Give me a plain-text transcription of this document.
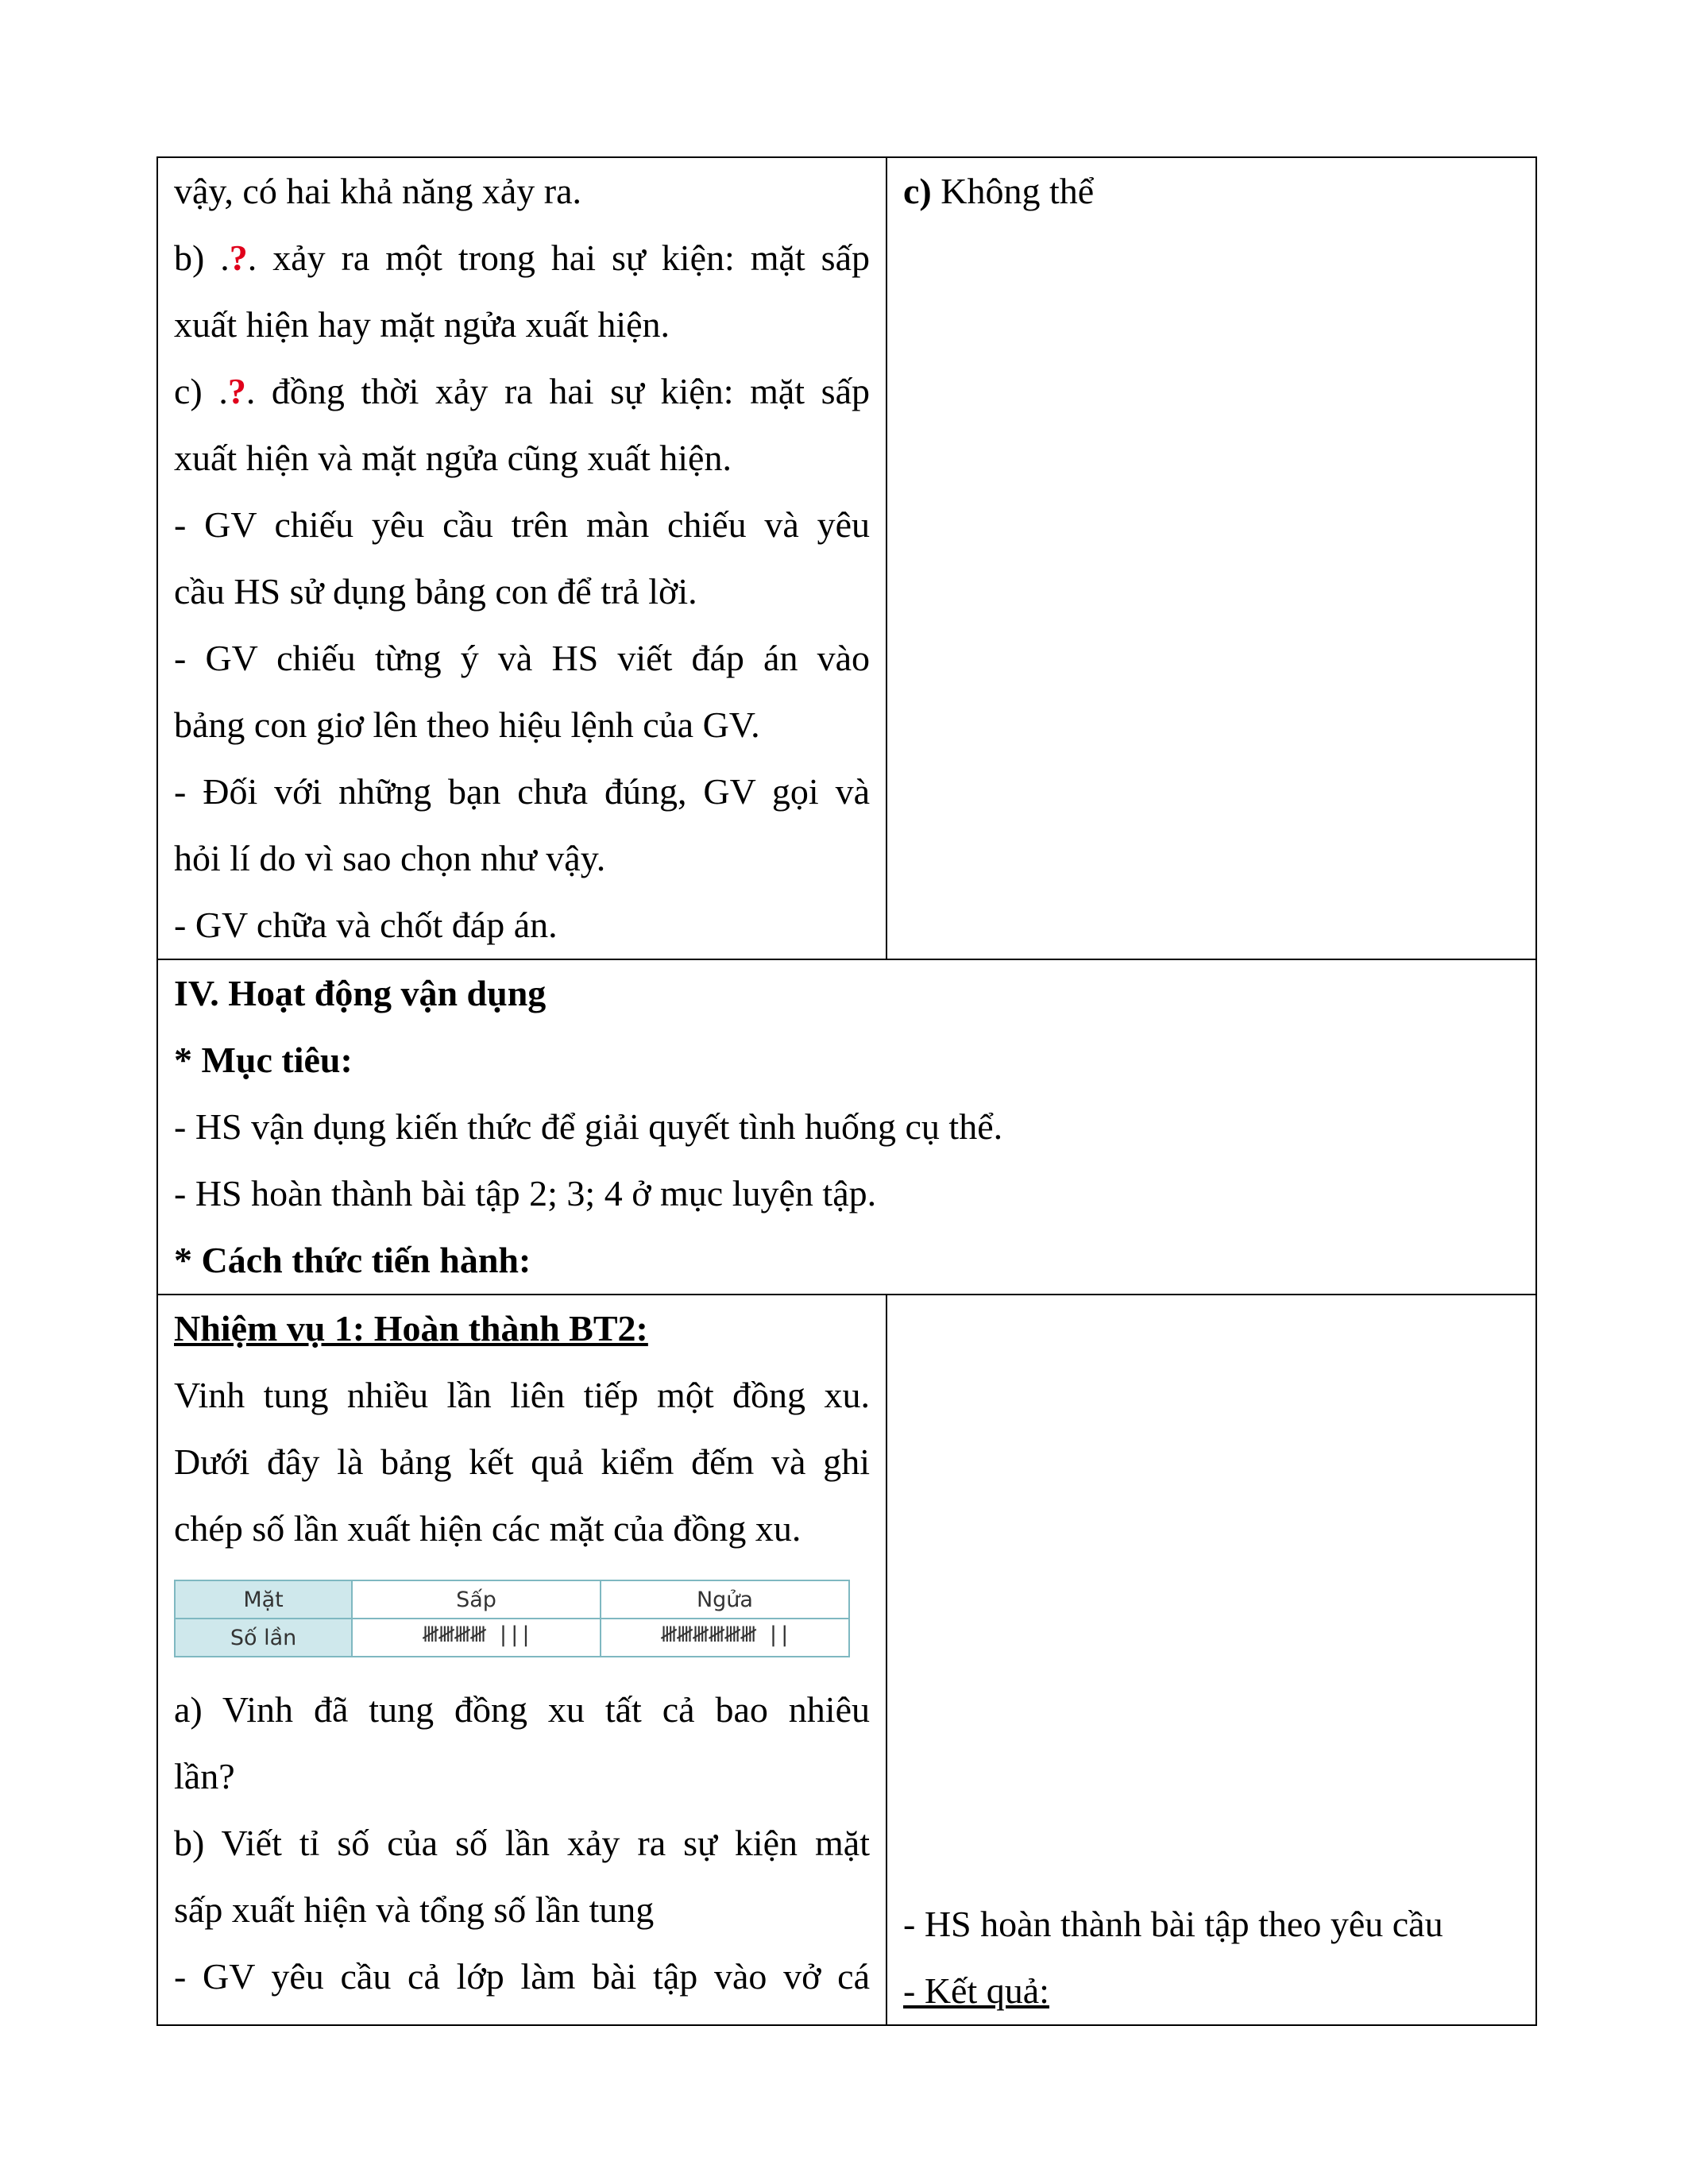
vậy, có hai khả năng xảy ra.

b) .?. xảy ra một trong hai sự kiện: mặt sấp

xuất hiện hay mặt ngửa xuất hiện.

c) .?. đồng thời xảy ra hai sự kiện: mặt sấp

xuất hiện và mặt ngửa cũng xuất hiện.

- GV chiếu yêu cầu trên màn chiếu và yêu

cầu HS sử dụng bảng con để trả lời.

- GV chiếu từng ý và HS viết đáp án vào

bảng con giơ lên theo hiệu lệnh của GV.

- Đối với những bạn chưa đúng, GV gọi và

hỏi lí do vì sao chọn như vậy.

- GV chữa và chốt đáp án.

c) Không thể

IV. Hoạt động vận dụng

* Mục tiêu:

- HS vận dụng kiến thức để giải quyết tình huống cụ thể.

- HS hoàn thành bài tập 2; 3; 4 ở mục luyện tập.

* Cách thức tiến hành:

Nhiệm vụ 1: Hoàn thành BT2:

Vinh tung nhiều lần liên tiếp một đồng xu.

Dưới đây là bảng kết quả kiểm đếm và ghi

chép số lần xuất hiện các mặt của đồng xu.

Mặt	Sấp	Ngửa
Số lần	𝍸𝍸𝍸𝍸 |||	𝍸𝍸𝍸𝍸𝍸𝍸 ||

a) Vinh đã tung đồng xu tất cả bao nhiêu

lần?

b) Viết tỉ số của số lần xảy ra sự kiện mặt

sấp xuất hiện và tổng số lần tung

- GV yêu cầu cả lớp làm bài tập vào vở cá

- HS hoàn thành bài tập theo yêu cầu

- Kết quả:
